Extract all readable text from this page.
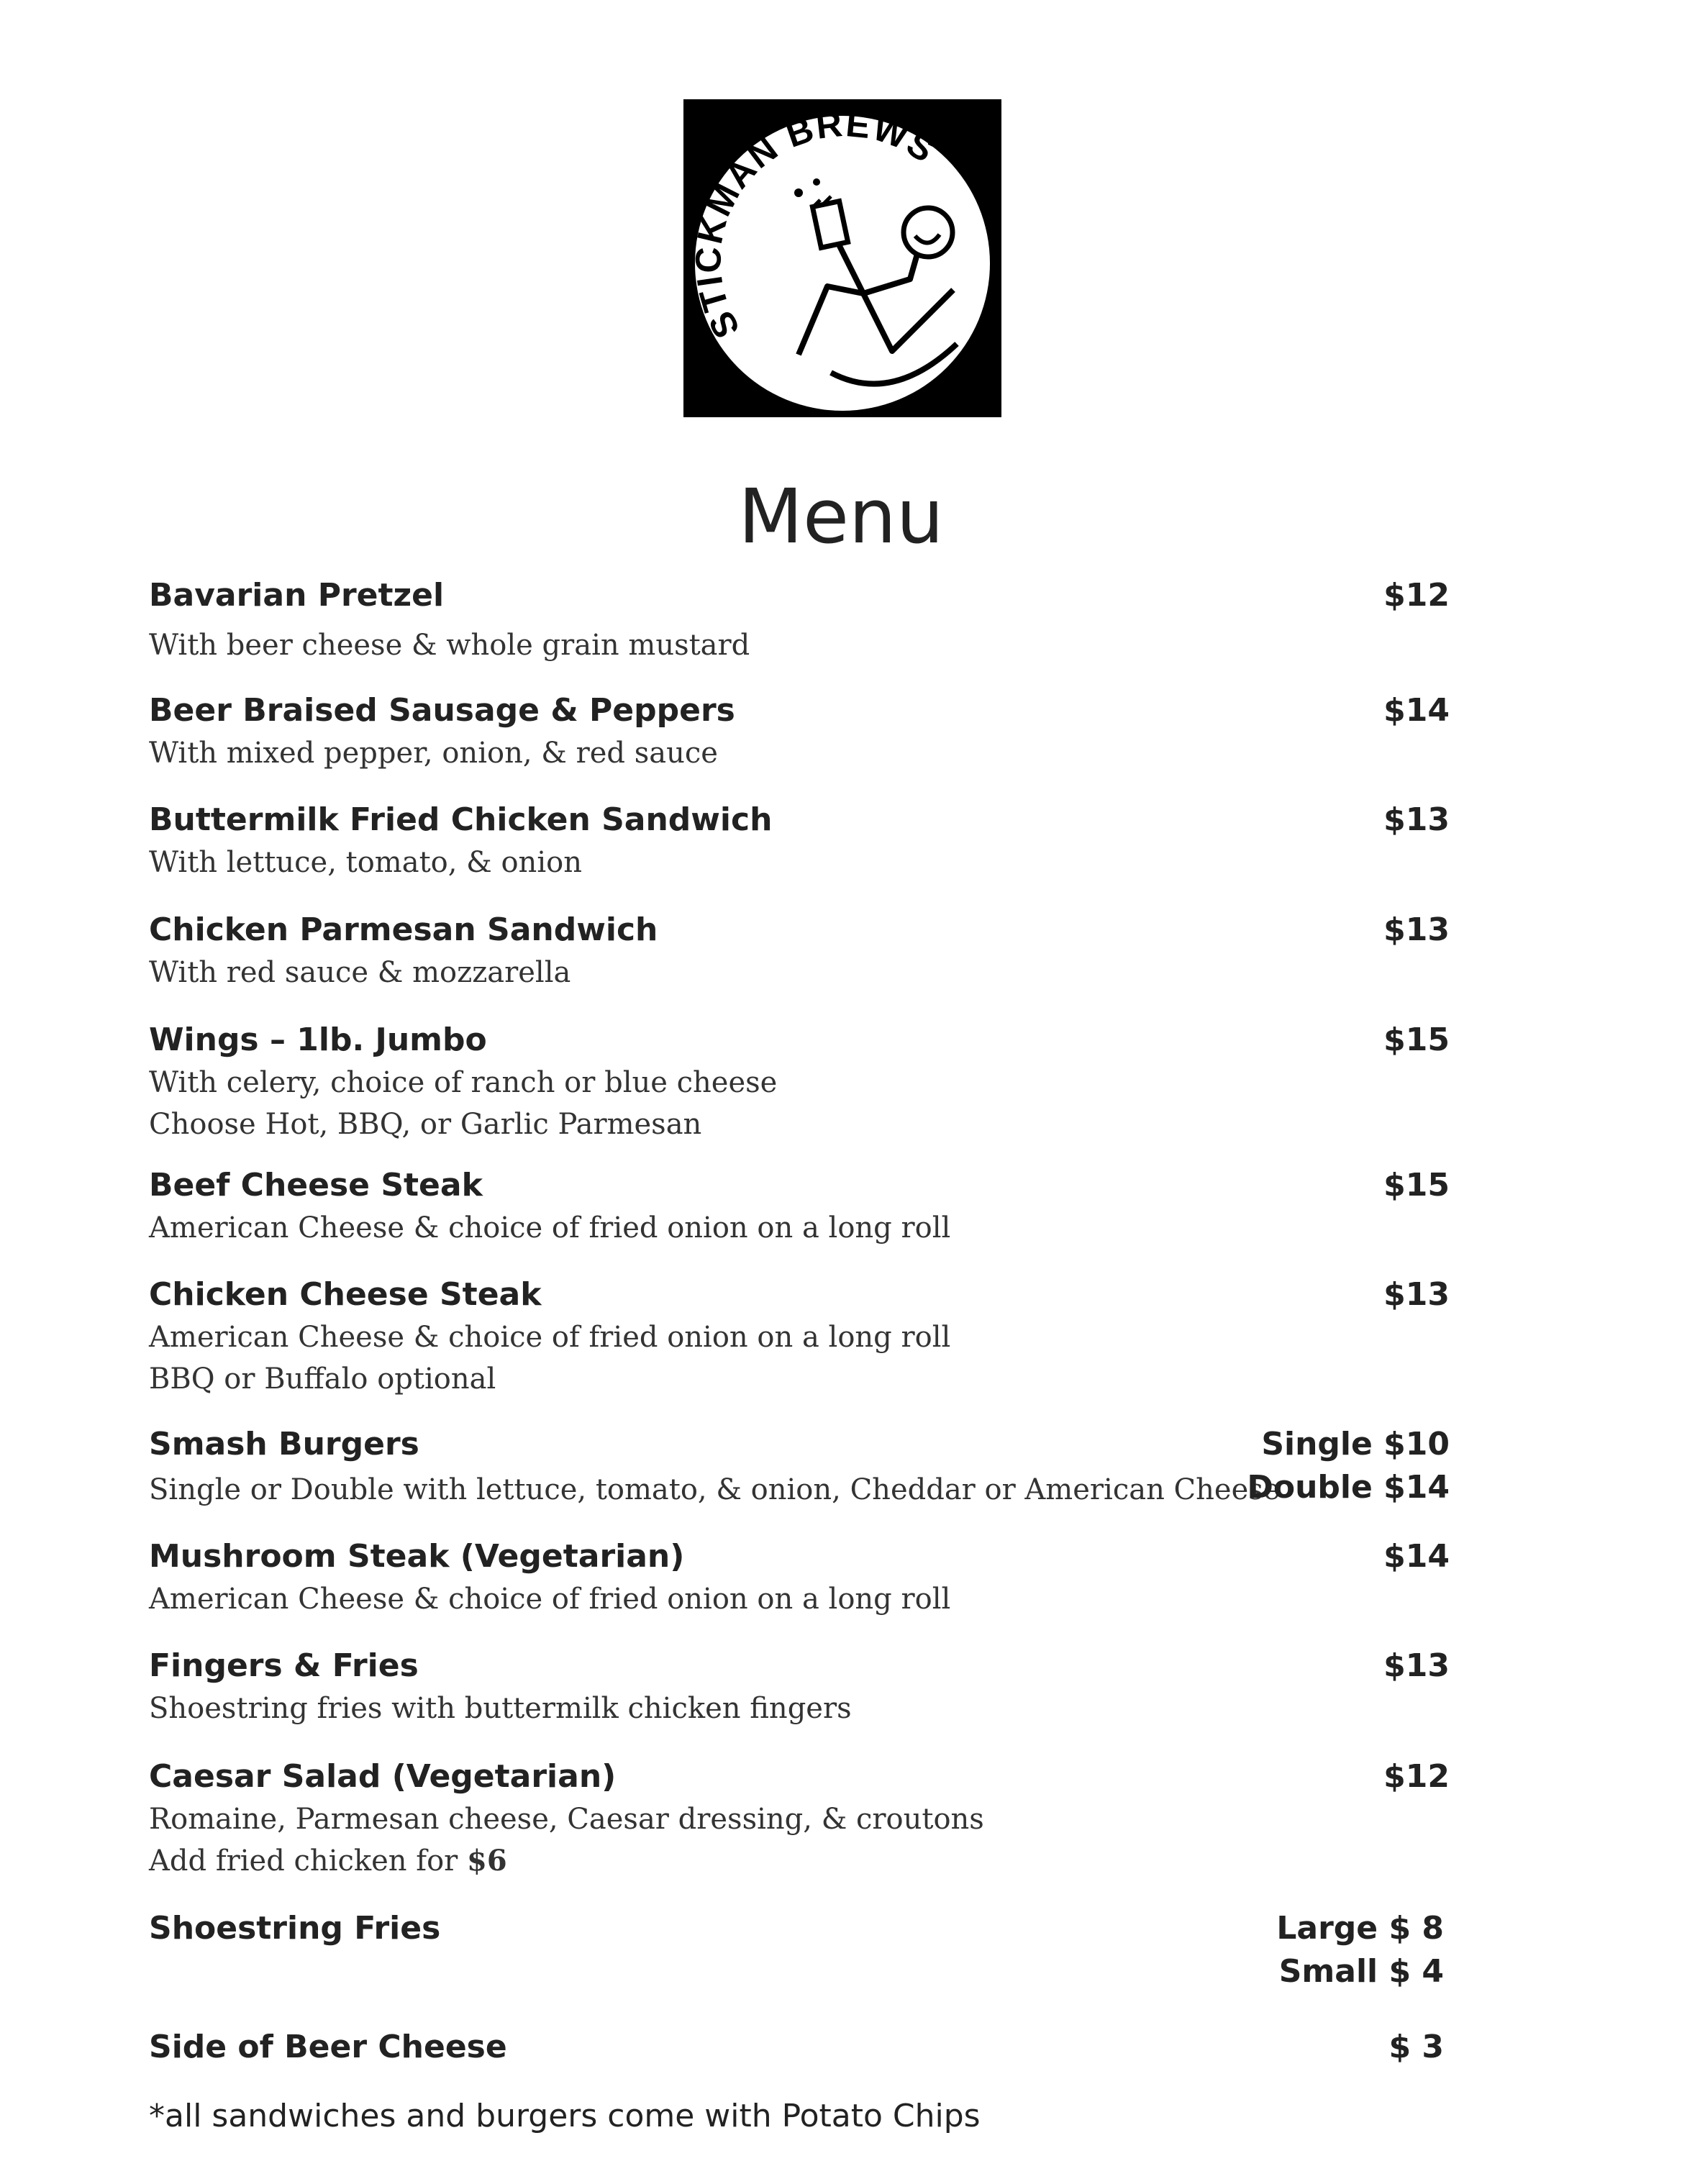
STICKMAN BREWS
Menu
Bavarian Pretzel
With beer cheese & whole grain mustard
$12
Beer Braised Sausage & Peppers
With mixed pepper, onion, & red sauce
$14
Buttermilk Fried Chicken Sandwich
With lettuce, tomato, & onion
$13
Chicken Parmesan Sandwich
With red sauce & mozzarella
$13
Wings – 1lb. Jumbo
With celery, choice of ranch or blue cheese
Choose Hot, BBQ, or Garlic Parmesan
$15
Beef Cheese Steak
American Cheese & choice of fried onion on a long roll
$15
Chicken Cheese Steak
American Cheese & choice of fried onion on a long roll
BBQ or Buffalo optional
$13
Smash Burgers
Single or Double with lettuce, tomato, & onion, Cheddar or American Cheese
Single $10
Double $14
Mushroom Steak (Vegetarian)
American Cheese & choice of fried onion on a long roll
$14
Fingers & Fries
Shoestring fries with buttermilk chicken fingers
$13
Caesar Salad (Vegetarian)
Romaine, Parmesan cheese, Caesar dressing, & croutons
Add fried chicken for $6
$12
Shoestring Fries	Large $ 8
Small $ 4
Side of Beer Cheese	$ 3
*all sandwiches and burgers come with Potato Chips
